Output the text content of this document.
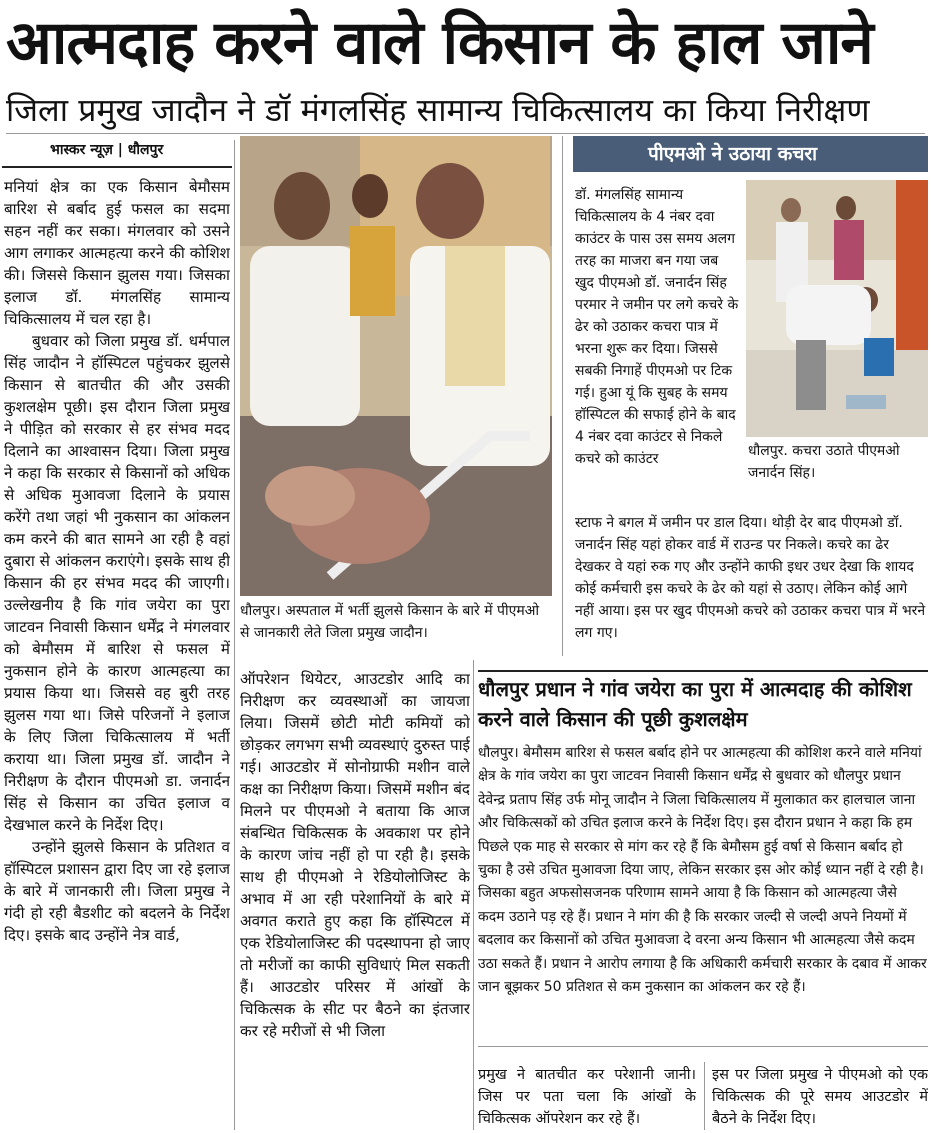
आत्मदाह करने वाले किसान के हाल जाने
जिला प्रमुख जादौन ने डॉ मंगलसिंह सामान्य चिकित्सालय का किया निरीक्षण
भास्कर न्यूज़ | धौलपुर

मनियां क्षेत्र का एक किसान बेमौसम बारिश से बर्बाद हुई फसल का सदमा सहन नहीं कर सका। मंगलवार को उसने आग लगाकर आत्महत्या करने की कोशिश की। जिससे किसान झुलस गया। जिसका इलाज डॉ. मंगलसिंह सामान्य चिकित्सालय में चल रहा है।

बुधवार को जिला प्रमुख डॉ. धर्मपाल सिंह जादौन ने हॉस्पिटल पहुंचकर झुलसे किसान से बातचीत की और उसकी कुशलक्षेम पूछी। इस दौरान जिला प्रमुख ने पीड़ित को सरकार से हर संभव मदद दिलाने का आश्वासन दिया। जिला प्रमुख ने कहा कि सरकार से किसानों को अधिक से अधिक मुआवजा दिलाने के प्रयास करेंगे तथा जहां भी नुकसान का आंकलन कम करने की बात सामने आ रही है वहां दुबारा से आंकलन कराएंगे। इसके साथ ही किसान की हर संभव मदद की जाएगी। उल्लेखनीय है कि गांव जयेरा का पुरा जाटवन निवासी किसान धर्मेंद्र ने मंगलवार को बेमौसम में बारिश से फसल में नुकसान होने के कारण आत्महत्या का प्रयास किया था। जिससे वह बुरी तरह झुलस गया था। जिसे परिजनों ने इलाज के लिए जिला चिकित्सालय में भर्ती कराया था। जिला प्रमुख डॉ. जादौन ने निरीक्षण के दौरान पीएमओ डा. जनार्दन सिंह से किसान का उचित इलाज व देखभाल करने के निर्देश दिए।

उन्होंने झुलसे किसान के प्रतिशत व हॉस्पिटल प्रशासन द्वारा दिए जा रहे इलाज के बारे में जानकारी ली। जिला प्रमुख ने गंदी हो रही बैडशीट को बदलने के निर्देश दिए। इसके बाद उन्होंने नेत्र वार्ड,

धौलपुर। अस्पताल में भर्ती झुलसे किसान के बारे में पीएमओ से जानकारी लेते जिला प्रमुख जादौन।
पीएमओ ने उठाया कचरा
डॉ. मंगलसिंह सामान्य चिकित्सालय के 4 नंबर दवा काउंटर के पास उस समय अलग तरह का माजरा बन गया जब खुद पीएमओ डॉ. जनार्दन सिंह परमार ने जमीन पर लगे कचरे के ढेर को उठाकर कचरा पात्र में भरना शुरू कर दिया। जिससे सबकी निगाहें पीएमओ पर टिक गई। हुआ यूं कि सुबह के समय हॉस्पिटल की सफाई होने के बाद 4 नंबर दवा काउंटर से निकले कचरे को काउंटर	धौलपुर. कचरा उठाते पीएमओ जनार्दन सिंह।
स्टाफ ने बगल में जमीन पर डाल दिया। थोड़ी देर बाद पीएमओ डॉ. जनार्दन सिंह यहां होकर वार्ड में राउन्ड पर निकले। कचरे का ढेर देखकर वे यहां रुक गए और उन्होंने काफी इधर उधर देखा कि शायद कोई कर्मचारी इस कचरे के ढेर को यहां से उठाए। लेकिन कोई आगे नहीं आया। इस पर खुद पीएमओ कचरे को उठाकर कचरा पात्र में भरने लग गए।
ऑपरेशन थियेटर, आउटडोर आदि का निरीक्षण कर व्यवस्थाओं का जायजा लिया। जिसमें छोटी मोटी कमियों को छोड़कर लगभग सभी व्यवस्थाएं दुरुस्त पाई गई। आउटडोर में सोनोग्राफी मशीन वाले कक्ष का निरीक्षण किया। जिसमें मशीन बंद मिलने पर पीएमओ ने बताया कि आज संबन्धित चिकित्सक के अवकाश पर होने के कारण जांच नहीं हो पा रही है। इसके साथ ही पीएमओ ने रेडियोलोजिस्ट के अभाव में आ रही परेशानियों के बारे में अवगत कराते हुए कहा कि हॉस्पिटल में एक रेडियोलाजिस्ट की पदस्थापना हो जाए तो मरीजों का काफी सुविधाएं मिल सकती हैं। आउटडोर परिसर में आंखों के चिकित्सक के सीट पर बैठने का इंतजार कर रहे मरीजों से भी जिला
धौलपुर प्रधान ने गांव जयेरा का पुरा में आत्मदाह की कोशिश करने वाले किसान की पूछी कुशलक्षेम
धौलपुर। बेमौसम बारिश से फसल बर्बाद होने पर आत्महत्या की कोशिश करने वाले मनियां क्षेत्र के गांव जयेरा का पुरा जाटवन निवासी किसान धर्मेंद्र से बुधवार को धौलपुर प्रधान देवेन्द्र प्रताप सिंह उर्फ मोनू जादौन ने जिला चिकित्सालय में मुलाकात कर हालचाल जाना और चिकित्सकों को उचित इलाज करने के निर्देश दिए। इस दौरान प्रधान ने कहा कि हम पिछले एक माह से सरकार से मांग कर रहे हैं कि बेमौसम हुई वर्षा से किसान बर्बाद हो चुका है उसे उचित मुआवजा दिया जाए, लेकिन सरकार इस ओर कोई ध्यान नहीं दे रही है। जिसका बहुत अफसोसजनक परिणाम सामने आया है कि किसान को आत्महत्या जैसे कदम उठाने पड़ रहे हैं। प्रधान ने मांग की है कि सरकार जल्दी से जल्दी अपने नियमों में बदलाव कर किसानों को उचित मुआवजा दे वरना अन्य किसान भी आत्महत्या जैसे कदम उठा सकते हैं। प्रधान ने आरोप लगाया है कि अधिकारी कर्मचारी सरकार के दबाव में आकर जान बूझकर 50 प्रतिशत से कम नुकसान का आंकलन कर रहे हैं।
प्रमुख ने बातचीत कर परेशानी जानी। जिस पर पता चला कि आंखों के चिकित्सक ऑपरेशन कर रहे हैं।
इस पर जिला प्रमुख ने पीएमओ को एक चिकित्सक की पूरे समय आउटडोर में बैठने के निर्देश दिए।
